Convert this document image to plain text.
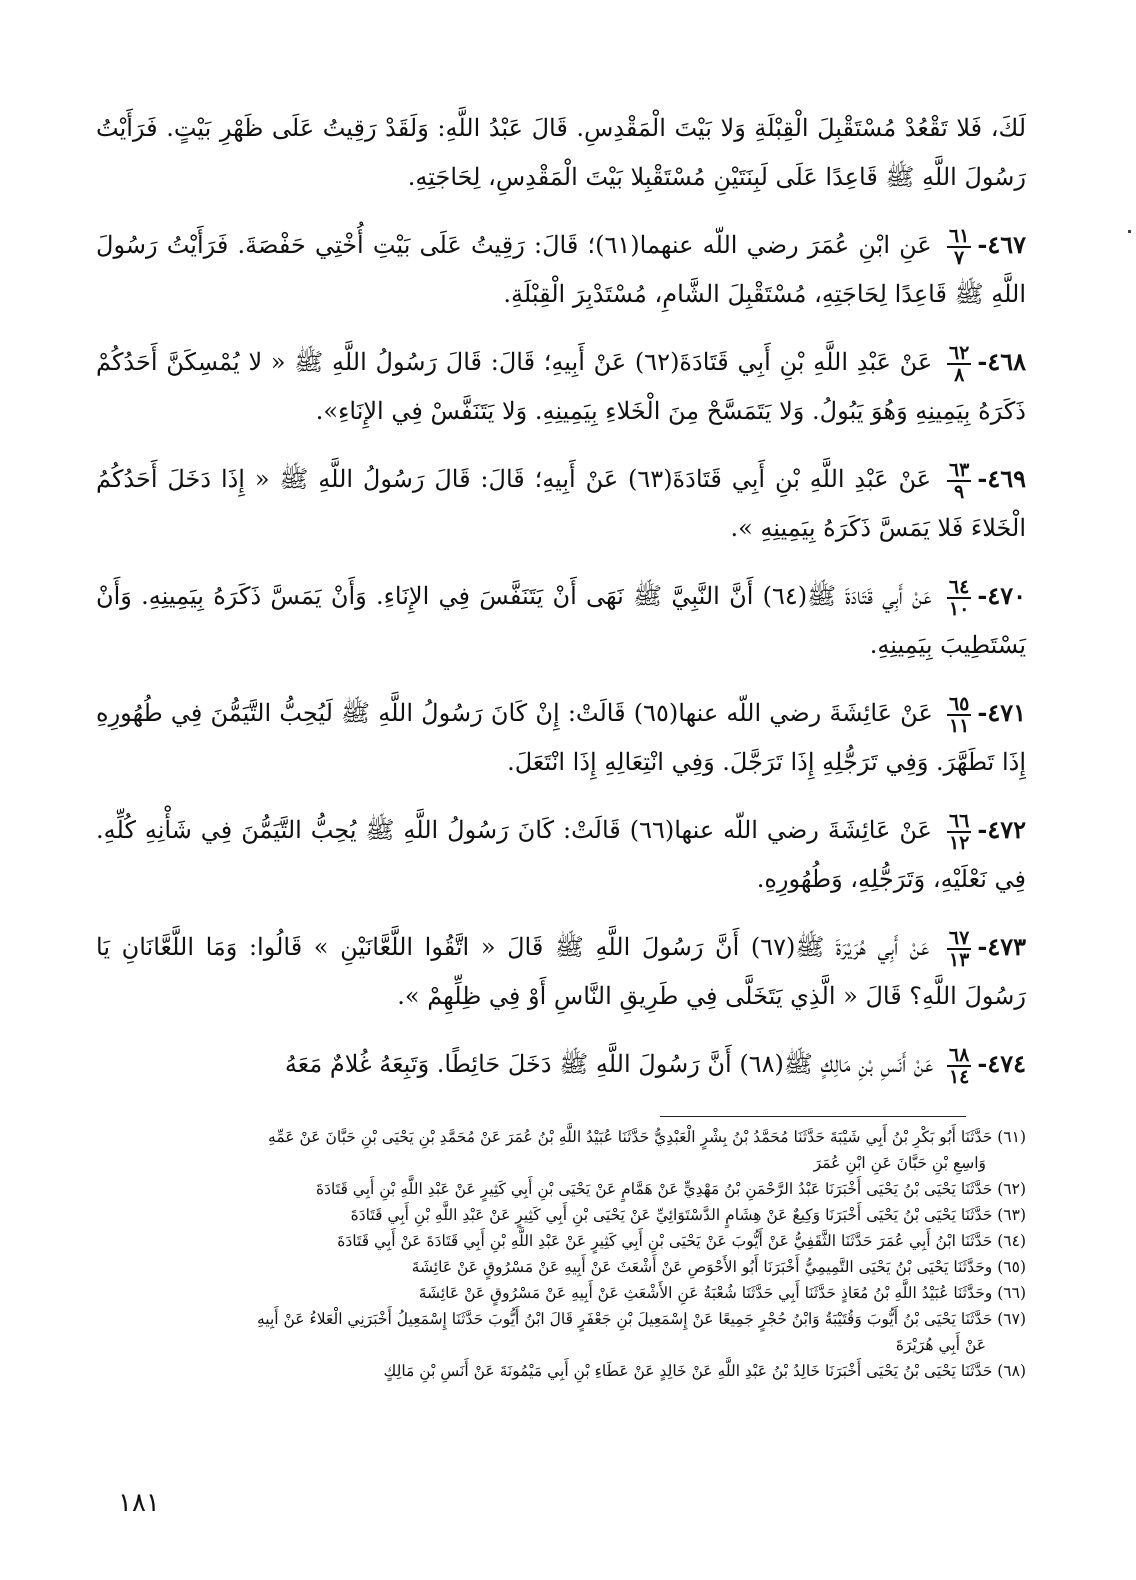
لَكَ، فَلا تَقْعُدْ مُسْتَقْبِلَ الْقِبْلَةِ وَلا بَيْتَ الْمَقْدِسِ. قَالَ عَبْدُ اللَّهِ: وَلَقَدْ رَقِيتُ عَلَى ظَهْرِ بَيْتٍ. فَرَأَيْتُ رَسُولَ اللَّهِ ﷺ قَاعِدًا عَلَى لَبِنَتَيْنِ مُسْتَقْبِلا بَيْتَ الْمَقْدِسِ، لِحَاجَتِهِ.

٤٦٧-
$\frac{٦١}{٧}$
عَنِ ابْنِ عُمَرَ رضي اللّه عنهما(٦١)؛ قَالَ: رَقِيتُ عَلَى بَيْتِ أُخْتِي حَفْصَةَ. فَرَأَيْتُ رَسُولَ اللَّهِ ﷺ قَاعِدًا لِحَاجَتِهِ، مُسْتَقْبِلَ الشَّامِ، مُسْتَدْبِرَ الْقِبْلَةِ.

٤٦٨-
$\frac{٦٢}{٨}$
عَنْ عَبْدِ اللَّهِ بْنِ أَبِي قَتَادَةَ(٦٢) عَنْ أَبِيهِ؛ قَالَ: قَالَ رَسُولُ اللَّهِ ﷺ « لا يُمْسِكَنَّ أَحَدُكُمْ ذَكَرَهُ بِيَمِينِهِ وَهُوَ يَبُولُ. وَلا يَتَمَسَّحْ مِنَ الْخَلاءِ بِيَمِينِهِ. وَلا يَتَنَفَّسْ فِي الإِنَاءِ».

٤٦٩-
$\frac{٦٣}{٩}$
عَنْ عَبْدِ اللَّهِ بْنِ أَبِي قَتَادَةَ(٦٣) عَنْ أَبِيهِ؛ قَالَ: قَالَ رَسُولُ اللَّهِ ﷺ « إِذَا دَخَلَ أَحَدُكُمُ الْخَلاءَ فَلا يَمَسَّ ذَكَرَهُ بِيَمِينِهِ ».

٤٧٠-
$\frac{٦٤}{١٠}$
عَنْ أَبِي قَتَادَةَ ﷺ(٦٤) أَنَّ النَّبِيَّ ﷺ نَهَى أَنْ يَتَنَفَّسَ فِي الإِنَاءِ. وَأَنْ يَمَسَّ ذَكَرَهُ بِيَمِينِهِ. وَأَنْ يَسْتَطِيبَ بِيَمِينِهِ.

٤٧١-
$\frac{٦٥}{١١}$
عَنْ عَائِشَةَ رضي اللّه عنها(٦٥) قَالَتْ: إِنْ كَانَ رَسُولُ اللَّهِ ﷺ لَيُحِبُّ التَّيَمُّنَ فِي طُهُورِهِ إِذَا تَطَهَّرَ. وَفِي تَرَجُّلِهِ إِذَا تَرَجَّلَ. وَفِي انْتِعَالِهِ إِذَا انْتَعَلَ.

٤٧٢-
$\frac{٦٦}{١٢}$
عَنْ عَائِشَةَ رضي اللّه عنها(٦٦) قَالَتْ: كَانَ رَسُولُ اللَّهِ ﷺ يُحِبُّ التَّيَمُّنَ فِي شَأْنِهِ كُلِّهِ. فِي نَعْلَيْهِ، وَتَرَجُّلِهِ، وَطُهُورِهِ.

٤٧٣-
$\frac{٦٧}{١٣}$
عَنْ أَبِي هُرَيْرَةَ ﷺ(٦٧) أَنَّ رَسُولَ اللَّهِ ﷺ قَالَ « اتَّقُوا اللَّعَّانَيْنِ » قَالُوا: وَمَا اللَّعَّانَانِ يَا رَسُولَ اللَّهِ؟ قَالَ « الَّذِي يَتَخَلَّى فِي طَرِيقِ النَّاسِ أَوْ فِي ظِلِّهِمْ ».

٤٧٤-
$\frac{٦٨}{١٤}$
عَنْ أَنَسِ بْنِ مَالِكٍ ﷺ(٦٨) أَنَّ رَسُولَ اللَّهِ ﷺ دَخَلَ حَائِطًا. وَتَبِعَهُ غُلامٌ مَعَهُ

(٦١) حَدَّثَنَا أَبُو بَكْرِ بْنُ أَبِي شَيْبَةَ حَدَّثَنَا مُحَمَّدُ بْنُ بِشْرٍ الْعَبْدِيُّ حَدَّثَنَا عُبَيْدُ اللَّهِ بْنُ عُمَرَ عَنْ مُحَمَّدِ بْنِ يَحْيَى بْنِ حَبَّانَ عَنْ عَمِّهِ

وَاسِعِ بْنِ حَبَّانَ عَنِ ابْنِ عُمَرَ

(٦٢) حَدَّثَنَا يَحْيَى بْنُ يَحْيَى أَخْبَرَنَا عَبْدُ الرَّحْمَنِ بْنُ مَهْدِيٍّ عَنْ هَمَّامٍ عَنْ يَحْيَى بْنِ أَبِي كَثِيرٍ عَنْ عَبْدِ اللَّهِ بْنِ أَبِي قَتَادَةَ

(٦٣) حَدَّثَنَا يَحْيَى بْنُ يَحْيَى أَخْبَرَنَا وَكِيعٌ عَنْ هِشَامٍ الدَّسْتَوَائِيِّ عَنْ يَحْيَى بْنِ أَبِي كَثِيرٍ عَنْ عَبْدِ اللَّهِ بْنِ أَبِي قَتَادَةَ

(٦٤) حَدَّثَنَا ابْنُ أَبِي عُمَرَ حَدَّثَنَا الثَّقَفِيُّ عَنْ أَيُّوبَ عَنْ يَحْيَى بْنِ أَبِي كَثِيرٍ عَنْ عَبْدِ اللَّهِ بْنِ أَبِي قَتَادَةَ عَنْ أَبِي قَتَادَةَ

(٦٥) وحَدَّثَنَا يَحْيَى بْنُ يَحْيَى التَّمِيمِيُّ أَخْبَرَنَا أَبُو الأَحْوَصِ عَنْ أَشْعَثَ عَنْ أَبِيهِ عَنْ مَسْرُوقٍ عَنْ عَائِشَةَ

(٦٦) وحَدَّثَنَا عُبَيْدُ اللَّهِ بْنُ مُعَاذٍ حَدَّثَنَا أَبِي حَدَّثَنَا شُعْبَةُ عَنِ الأَشْعَثِ عَنْ أَبِيهِ عَنْ مَسْرُوقٍ عَنْ عَائِشَةَ

(٦٧) حَدَّثَنَا يَحْيَى بْنُ أَيُّوبَ وَقُتَيْبَةُ وَابْنُ حُجْرٍ جَمِيعًا عَنْ إِسْمَعِيلَ بْنِ جَعْفَرٍ قَالَ ابْنُ أَيُّوبَ حَدَّثَنَا إِسْمَعِيلُ أَخْبَرَنِي الْعَلاءُ عَنْ أَبِيهِ

عَنْ أَبِي هُرَيْرَةَ

(٦٨) حَدَّثَنَا يَحْيَى بْنُ يَحْيَى أَخْبَرَنَا خَالِدُ بْنُ عَبْدِ اللَّهِ عَنْ خَالِدٍ عَنْ عَطَاءِ بْنِ أَبِي مَيْمُونَةَ عَنْ أَنَسِ بْنِ مَالِكٍ

١٨١
